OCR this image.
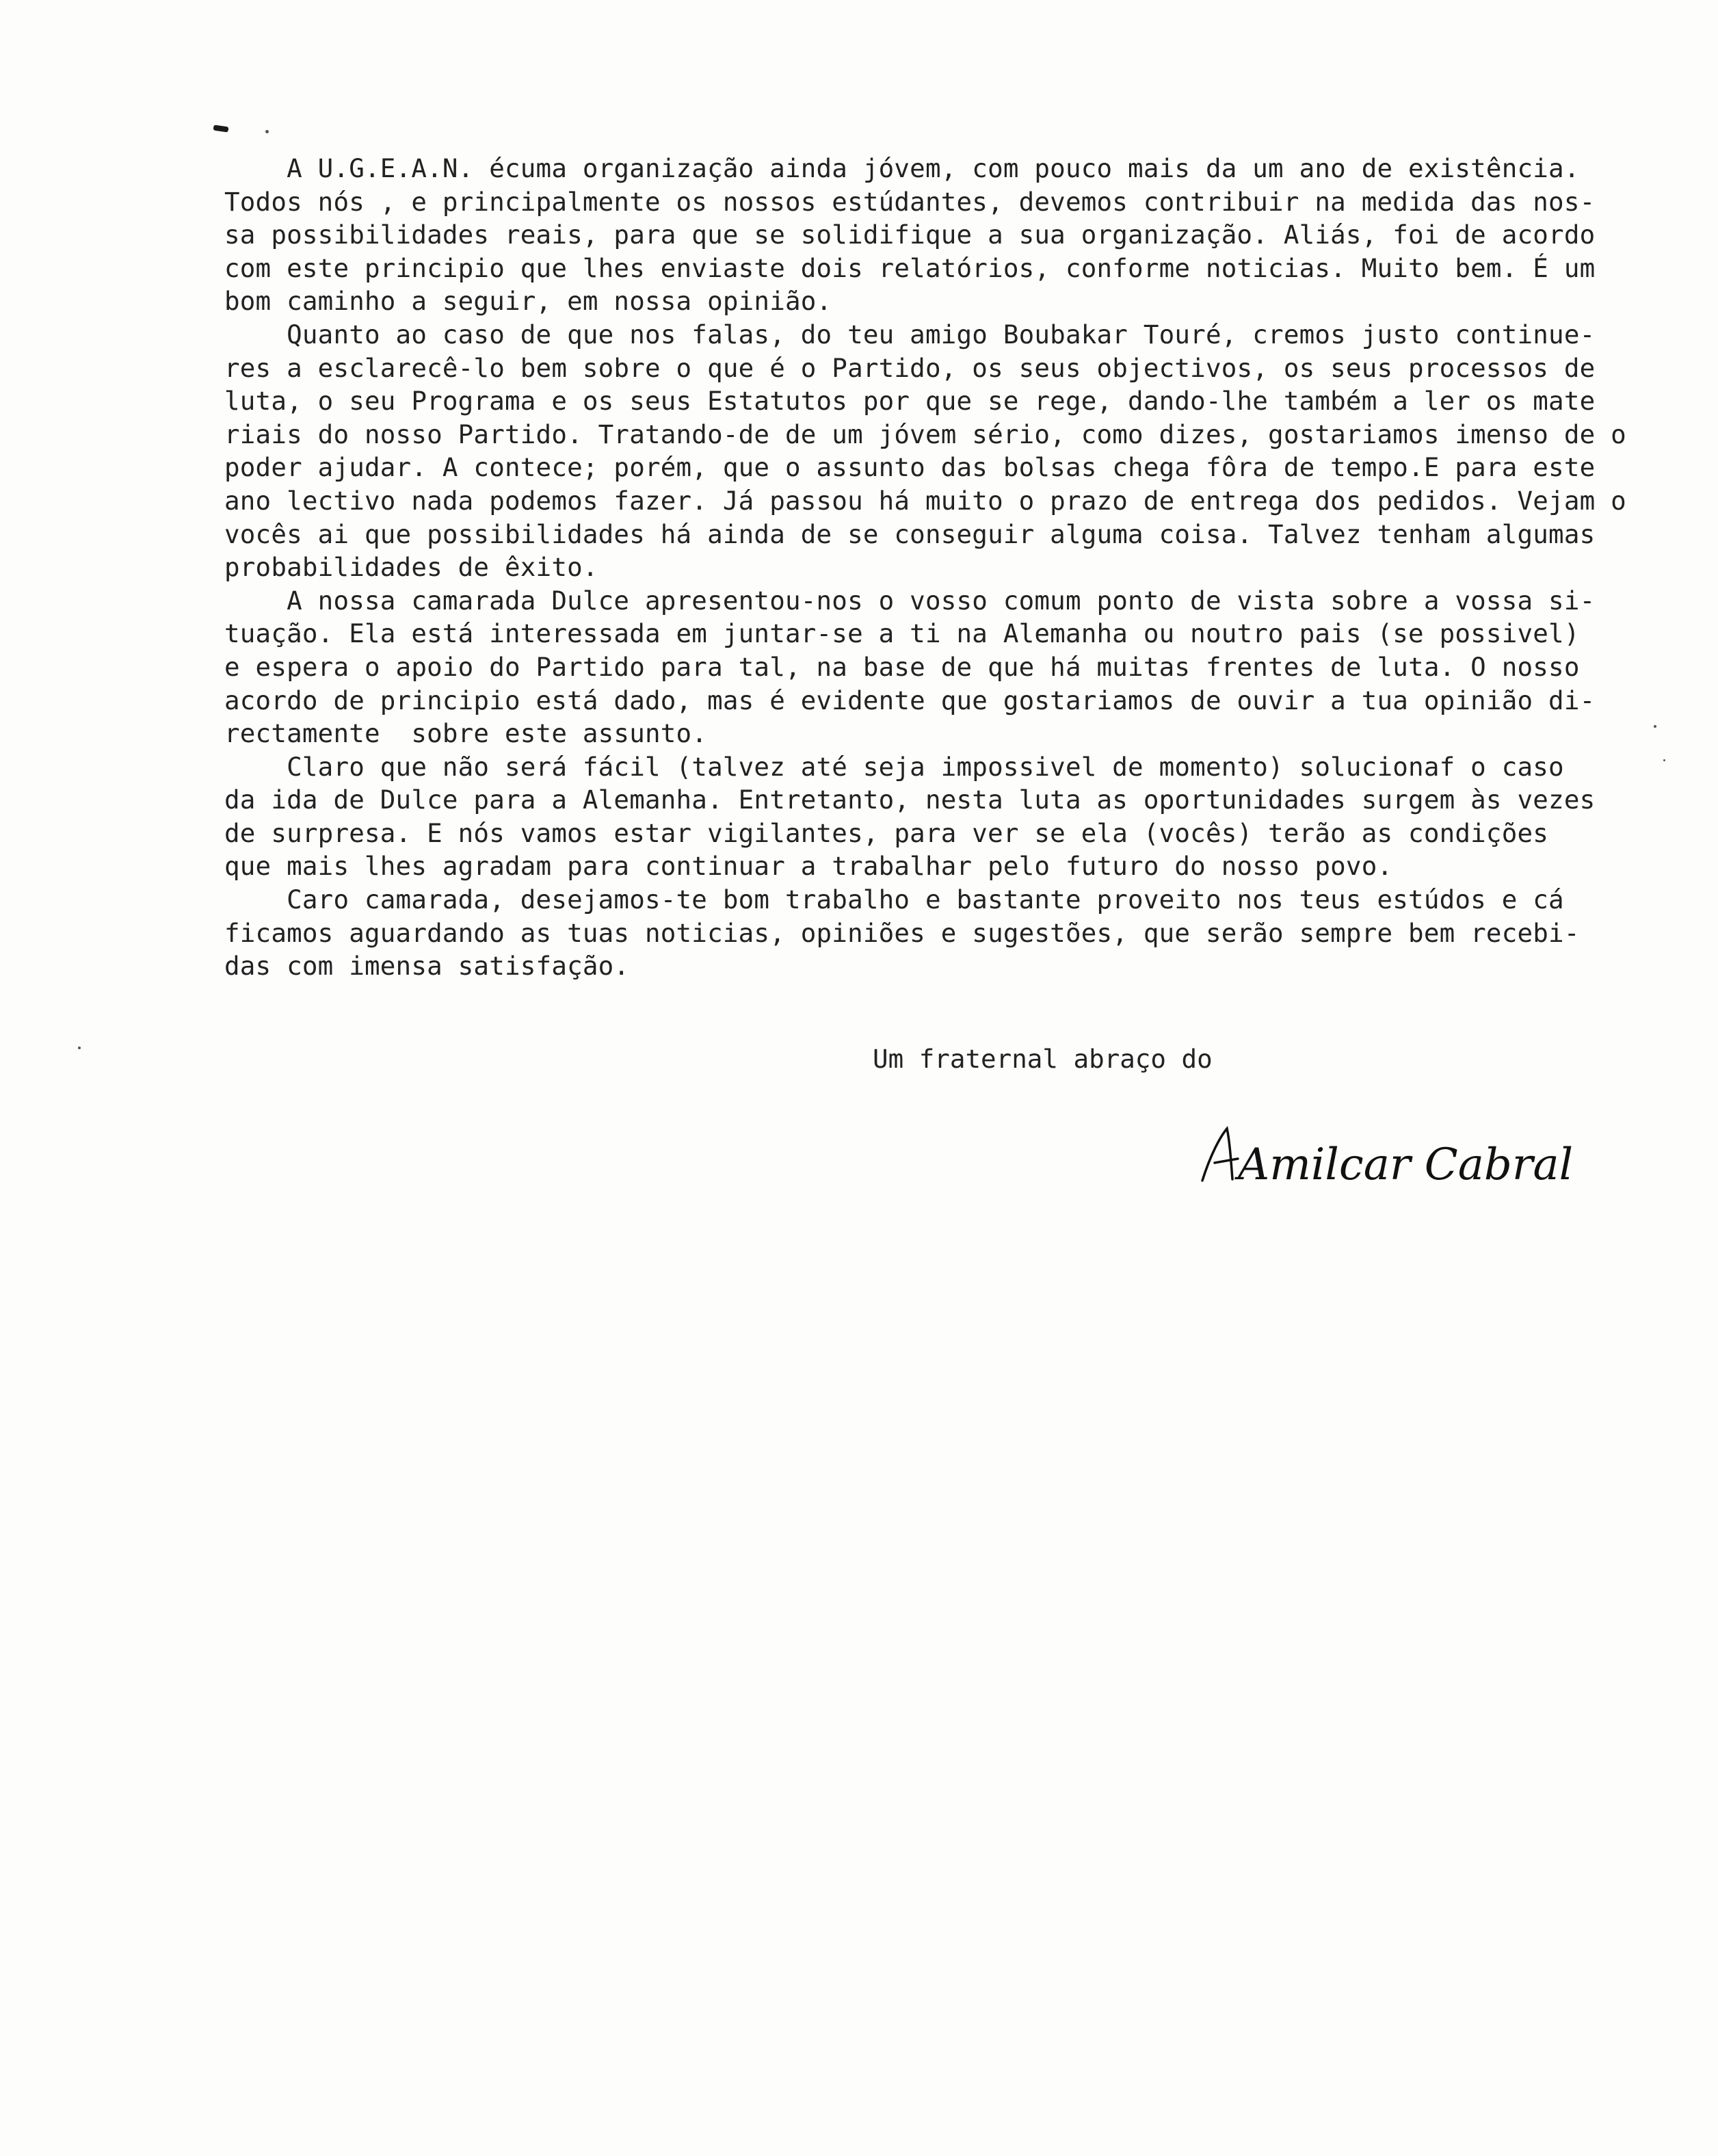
A U.G.E.A.N. écuma organização ainda jóvem, com pouco mais da um ano de existência.
Todos nós , e principalmente os nossos estúdantes, devemos contribuir na medida das nos-
sa possibilidades reais, para que se solidifique a sua organização. Aliás, foi de acordo
com este principio que lhes enviaste dois relatórios, conforme noticias. Muito bem. É um
bom caminho a seguir, em nossa opinião.
Quanto ao caso de que nos falas, do teu amigo Boubakar Touré, cremos justo continue-
res a esclarecê-lo bem sobre o que é o Partido, os seus objectivos, os seus processos de
luta, o seu Programa e os seus Estatutos por que se rege, dando-lhe também a ler os mate
riais do nosso Partido. Tratando-de de um jóvem sério, como dizes, gostariamos imenso de o
poder ajudar. A contece; porém, que o assunto das bolsas chega fôra de tempo.E para este
ano lectivo nada podemos fazer. Já passou há muito o prazo de entrega dos pedidos. Vejam o
vocês ai que possibilidades há ainda de se conseguir alguma coisa. Talvez tenham algumas
probabilidades de êxito.
A nossa camarada Dulce apresentou-nos o vosso comum ponto de vista sobre a vossa si-
tuação. Ela está interessada em juntar-se a ti na Alemanha ou noutro pais (se possivel)
e espera o apoio do Partido para tal, na base de que há muitas frentes de luta. O nosso
acordo de principio está dado, mas é evidente que gostariamos de ouvir a tua opinião di-
rectamente  sobre este assunto.
Claro que não será fácil (talvez até seja impossivel de momento) solucionaf o caso
da ida de Dulce para a Alemanha. Entretanto, nesta luta as oportunidades surgem às vezes
de surpresa. E nós vamos estar vigilantes, para ver se ela (vocês) terão as condições
que mais lhes agradam para continuar a trabalhar pelo futuro do nosso povo.
Caro camarada, desejamos-te bom trabalho e bastante proveito nos teus estúdos e cá
ficamos aguardando as tuas noticias, opiniões e sugestões, que serão sempre bem recebi-
das com imensa satisfação.
Um fraternal abraço do
Amilcar Cabral
